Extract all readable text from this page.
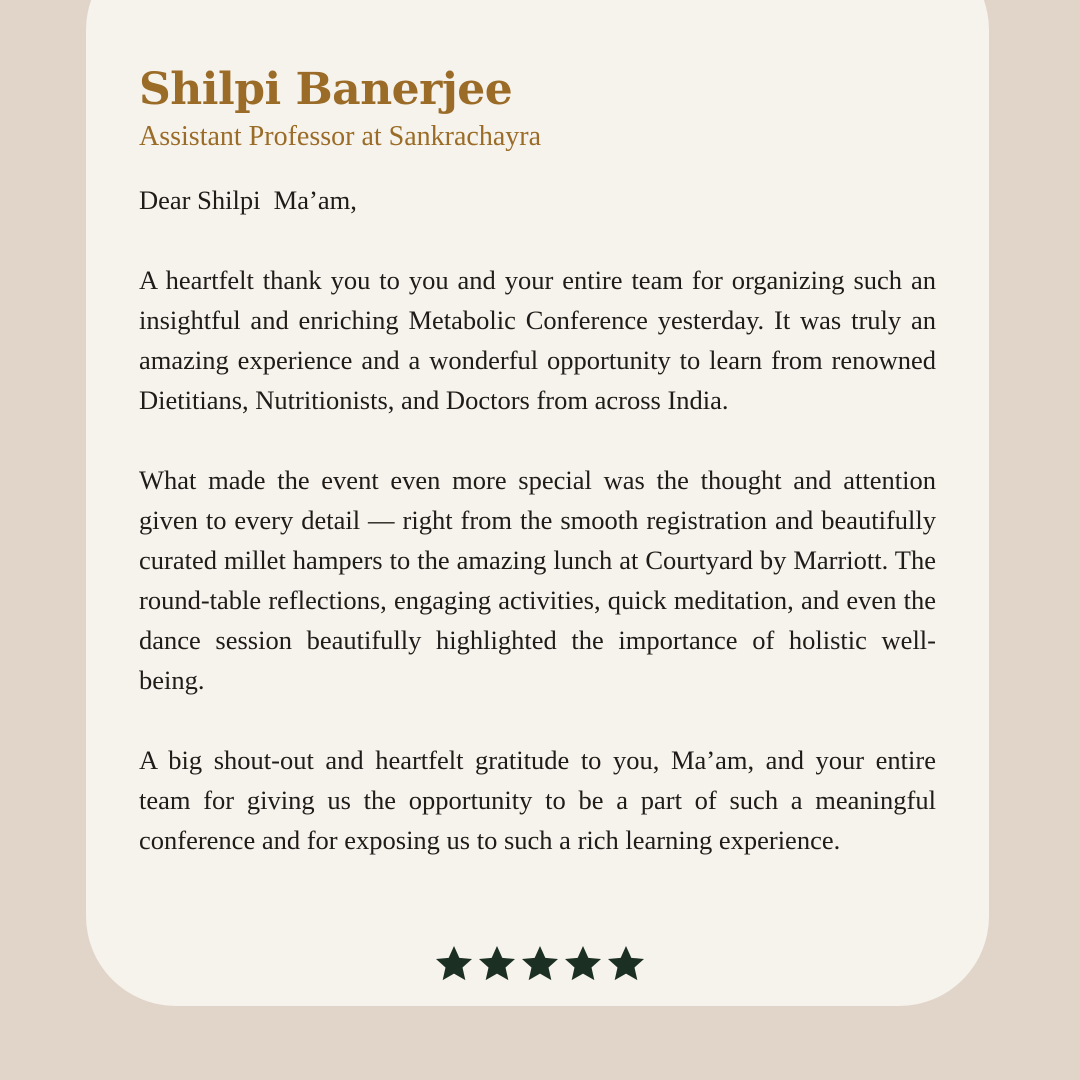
Shilpi Banerjee

Assistant Professor at Sankrachayra

Dear Shilpi  Ma’am,

A heartfelt thank you to you and your entire team for organizing such an insightful and enriching Metabolic Conference yesterday. It was truly an amazing experience and a wonderful opportunity to learn from renowned Dietitians, Nutritionists, and Doctors from across India.

What made the event even more special was the thought and attention given to every detail — right from the smooth registration and beautifully curated millet hampers to the amazing lunch at Courtyard by Marriott. The round-table reflections, engaging activities, quick meditation, and even the dance session beautifully highlighted the importance of holistic well-being.

A big shout-out and heartfelt gratitude to you, Ma’am, and your entire team for giving us the opportunity to be a part of such a meaningful conference and for exposing us to such a rich learning experience.
